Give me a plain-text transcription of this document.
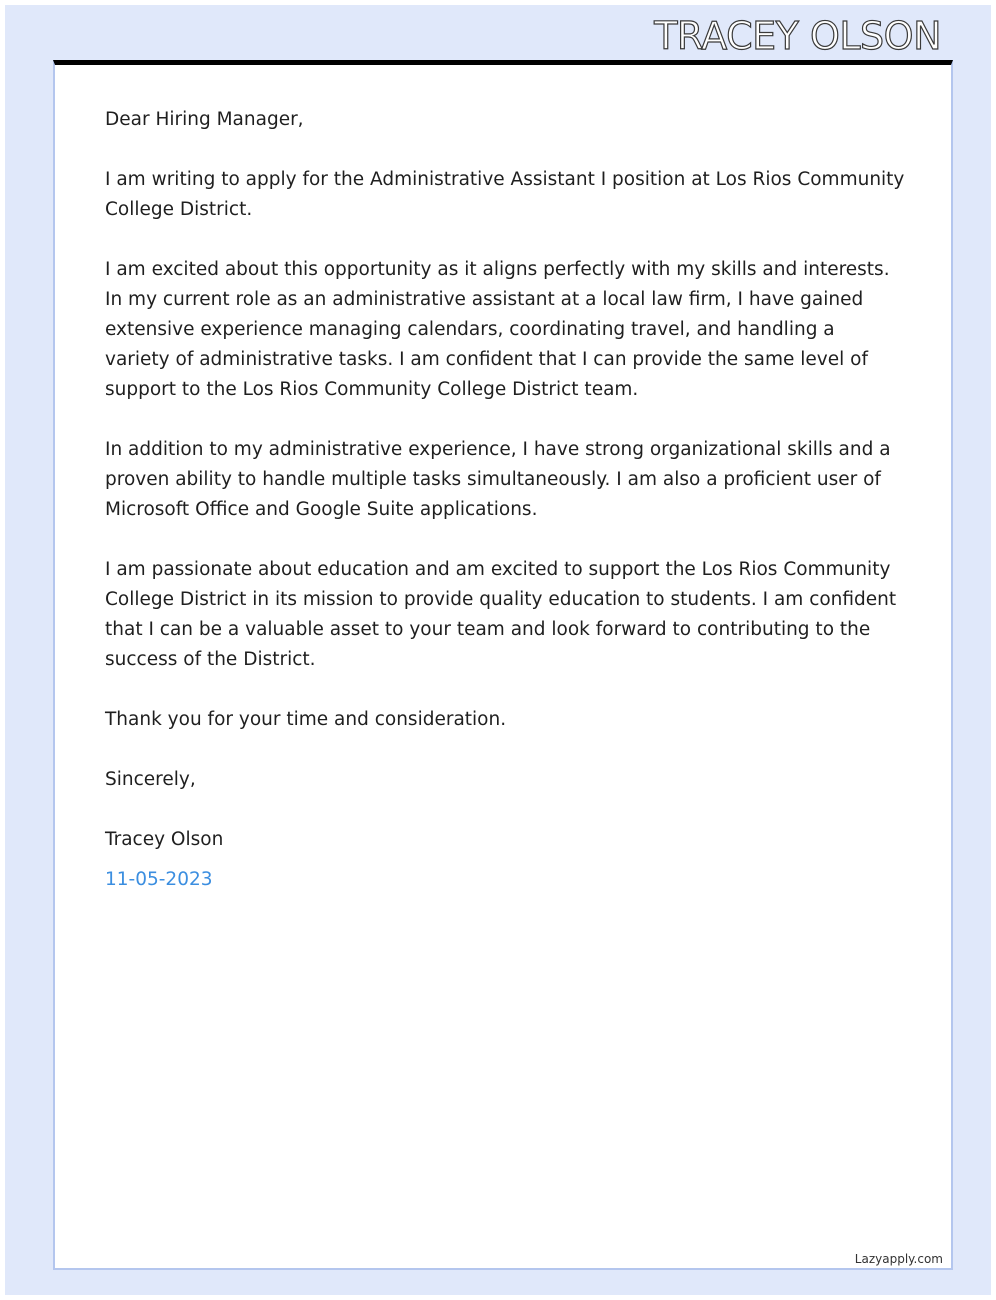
TRACEY OLSON

Dear Hiring Manager,

I am writing to apply for the Administrative Assistant I position at Los Rios Community College District.

I am excited about this opportunity as it aligns perfectly with my skills and interests. In my current role as an administrative assistant at a local law firm, I have gained extensive experience managing calendars, coordinating travel, and handling a variety of administrative tasks. I am confident that I can provide the same level of support to the Los Rios Community College District team.

In addition to my administrative experience, I have strong organizational skills and a proven ability to handle multiple tasks simultaneously. I am also a proficient user of Microsoft Office and Google Suite applications.

I am passionate about education and am excited to support the Los Rios Community College District in its mission to provide quality education to students. I am confident that I can be a valuable asset to your team and look forward to contributing to the success of the District.

Thank you for your time and consideration.

Sincerely,

Tracey Olson

11-05-2023

Lazyapply.com
